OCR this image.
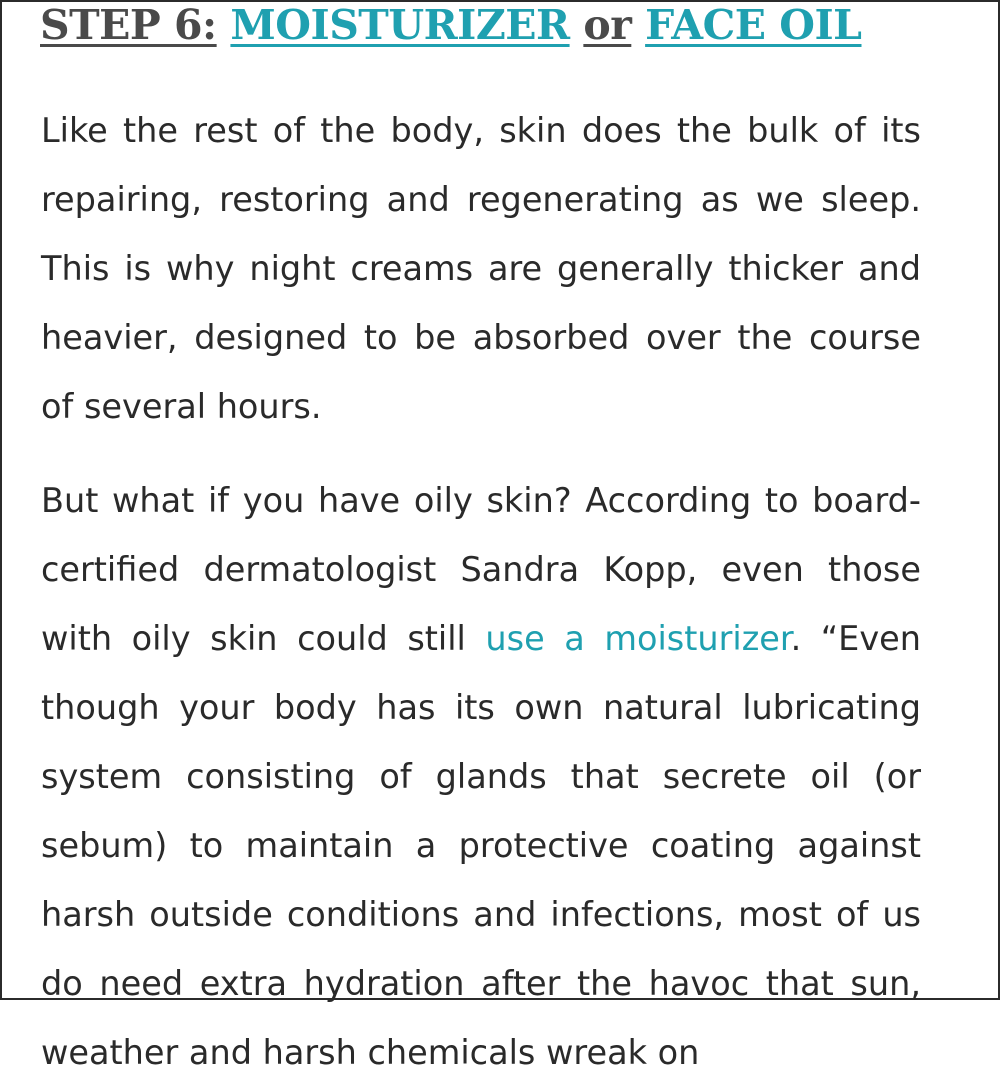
STEP 6: MOISTURIZER or FACE OIL

Like the rest of the body, skin does the bulk of its repairing, restoring and regenerating as we sleep. This is why night creams are generally thicker and heavier, designed to be absorbed over the course of several hours.

But what if you have oily skin? According to board-certified dermatologist Sandra Kopp, even those with oily skin could still use a moisturizer. “Even though your body has its own natural lubricating system consisting of glands that secrete oil (or sebum) to maintain a protective coating against harsh outside conditions and infections, most of us do need extra hydration after the havoc that sun, weather and harsh chemicals wreak on
